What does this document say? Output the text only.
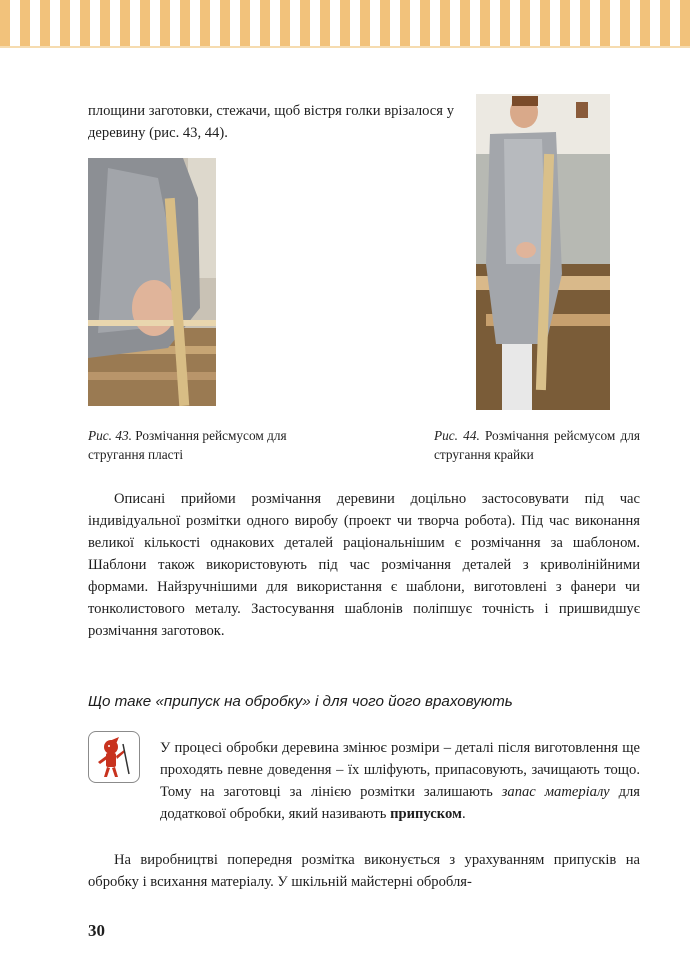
площини заготовки, стежачи, щоб вістря голки врізалося у деревину (рис. 43, 44).

Рис. 43. Розмічання рейсмусом для стругання пласті

Рис. 44. Розмічання рейсмусом для стругання крайки

Описані прийоми розмічання деревини доцільно застосовувати під час індивідуальної розмітки одного виробу (проект чи творча робота). Під час виконання великої кількості однакових деталей раціональнішим є розмічання за шаблоном. Шаблони також використовують під час розмічання деталей з криволінійними формами. Найзручнішими для використання є шаблони, виготовлені з фанери чи тонколистового металу. Застосування шаблонів поліпшує точність і пришвидшує розмічання заготовок.

Що таке «припуск на обробку» і для чого його враховують

У процесі обробки деревина змінює розміри – деталі після виготовлення ще проходять певне доведення – їх шліфують, припасовують, зачищають тощо. Тому на заготовці за лінією розмітки залишають запас матеріалу для додаткової обробки, який називають припуском.

На виробництві попередня розмітка виконується з урахуванням припусків на обробку і всихання матеріалу. У шкільній майстерні обробля-

30
